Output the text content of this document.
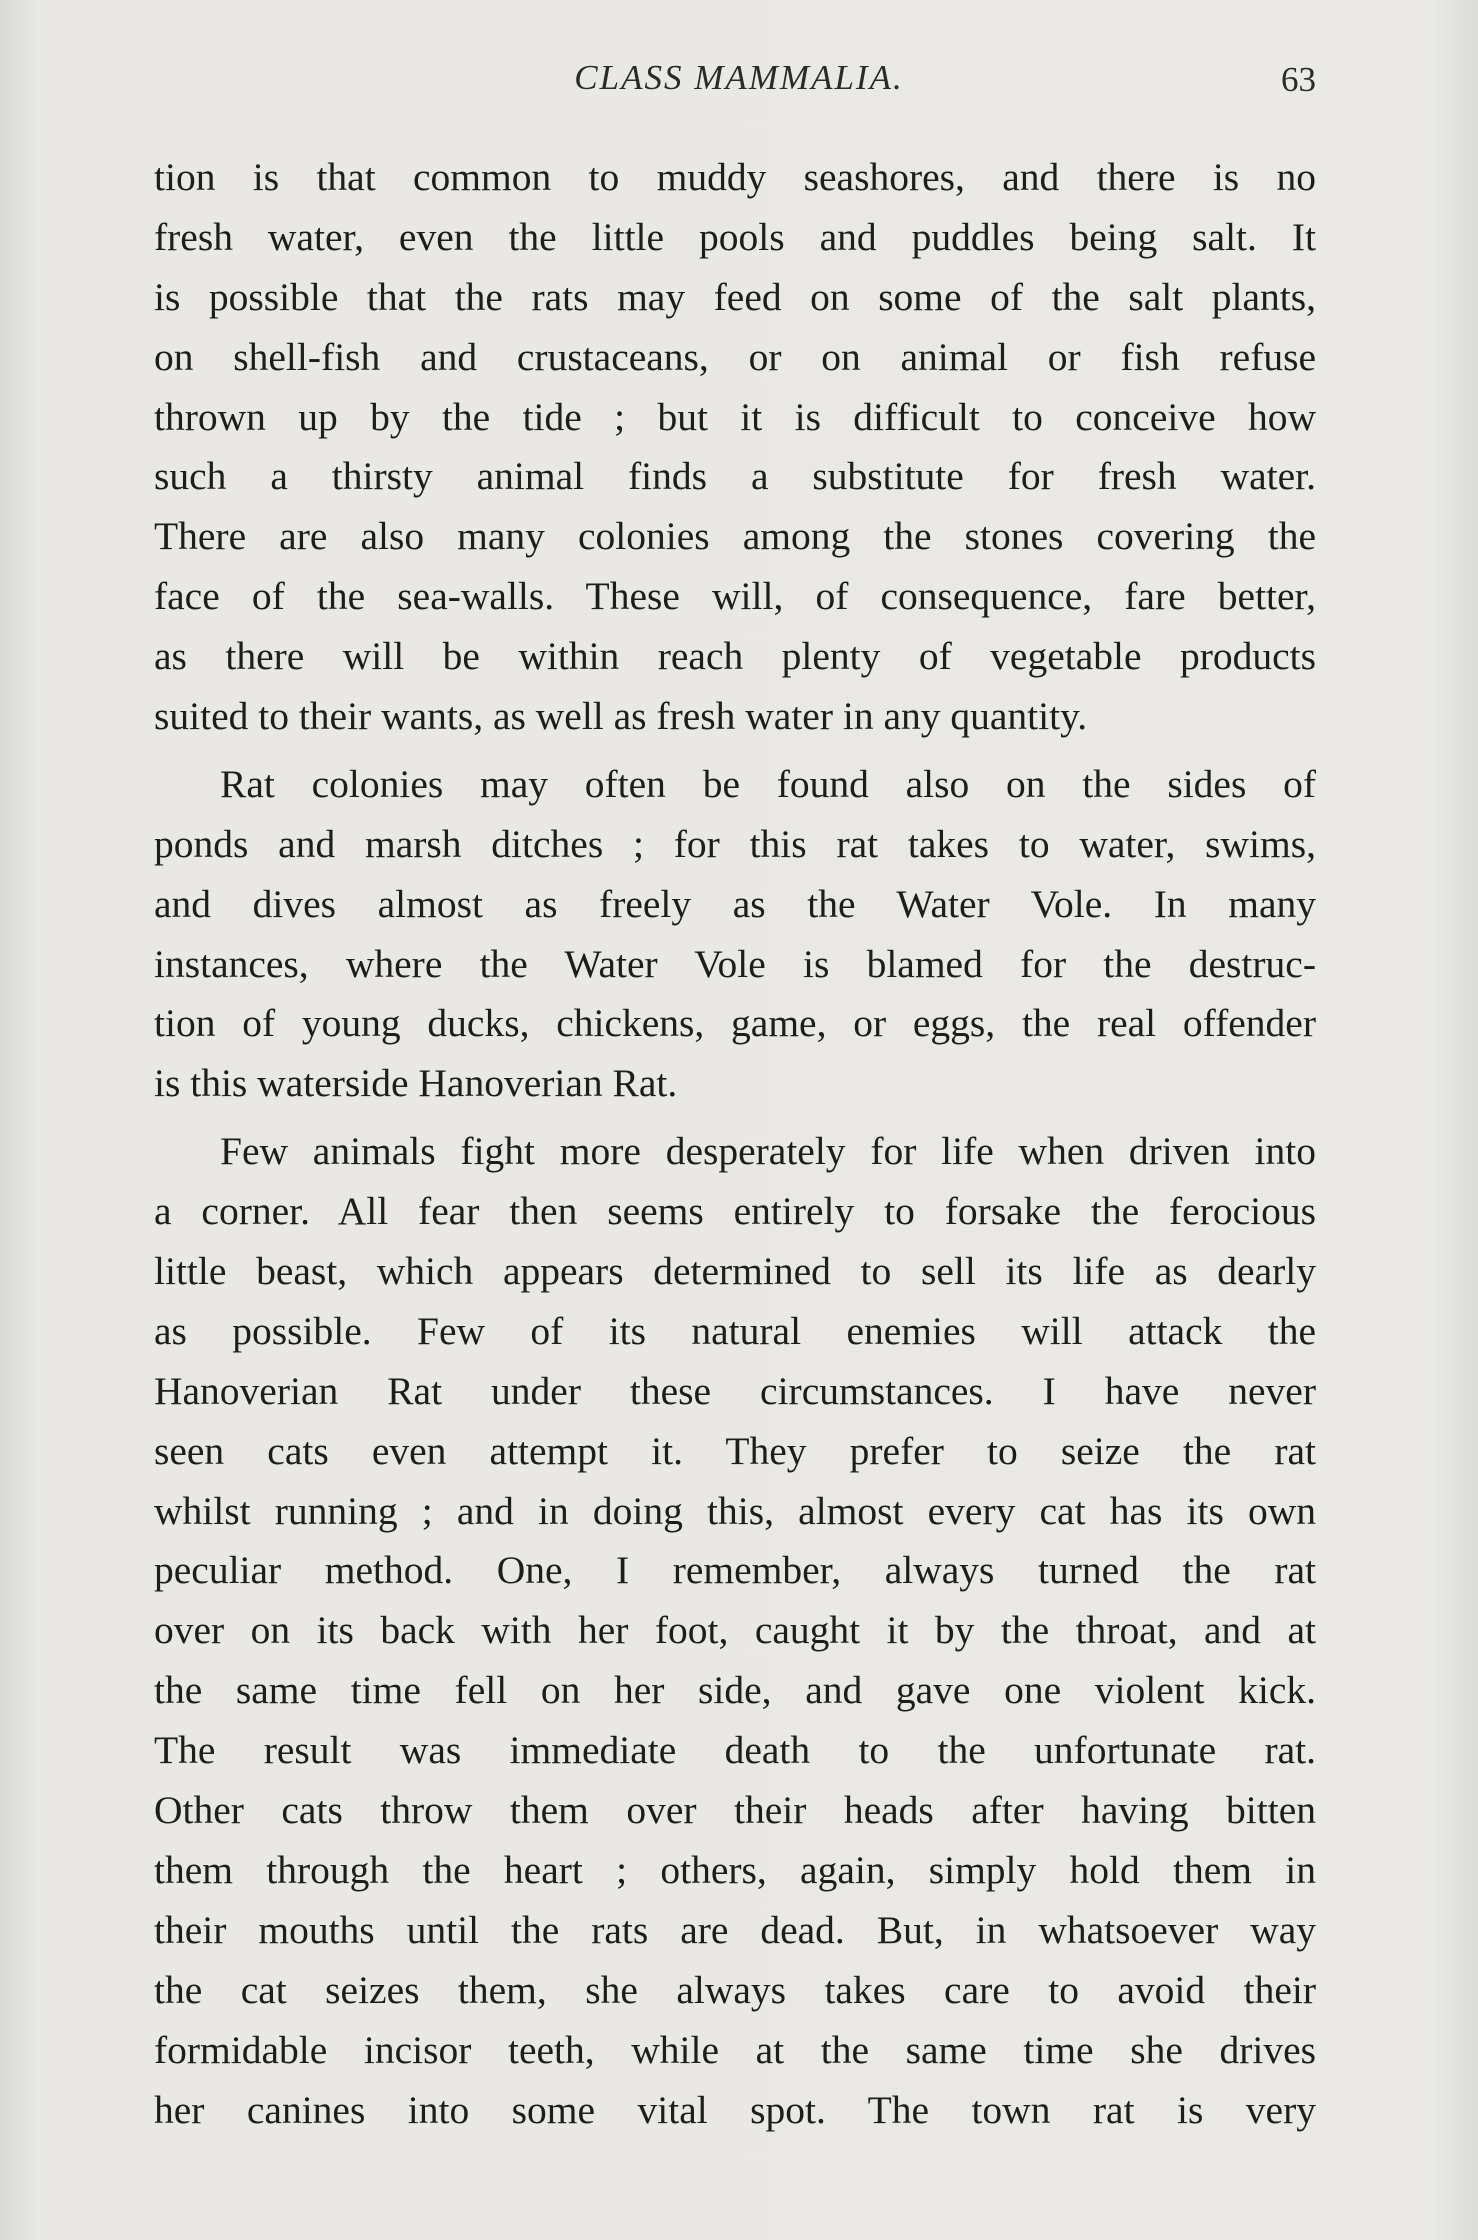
CLASS MAMMALIA.	63
tion is that common to muddy seashores, and there is no
fresh water, even the little pools and puddles being salt. It
is possible that the rats may feed on some of the salt plants,
on shell-fish and crustaceans, or on animal or fish refuse
thrown up by the tide ; but it is difficult to conceive how
such a thirsty animal finds a substitute for fresh water.
There are also many colonies among the stones covering the
face of the sea-walls. These will, of consequence, fare better,
as there will be within reach plenty of vegetable products
suited to their wants, as well as fresh water in any quantity.
Rat colonies may often be found also on the sides of
ponds and marsh ditches ; for this rat takes to water, swims,
and dives almost as freely as the Water Vole. In many
instances, where the Water Vole is blamed for the destruc-
tion of young ducks, chickens, game, or eggs, the real offender
is this waterside Hanoverian Rat.
Few animals fight more desperately for life when driven into
a corner. All fear then seems entirely to forsake the ferocious
little beast, which appears determined to sell its life as dearly
as possible. Few of its natural enemies will attack the
Hanoverian Rat under these circumstances. I have never
seen cats even attempt it. They prefer to seize the rat
whilst running ; and in doing this, almost every cat has its own
peculiar method. One, I remember, always turned the rat
over on its back with her foot, caught it by the throat, and at
the same time fell on her side, and gave one violent kick.
The result was immediate death to the unfortunate rat.
Other cats throw them over their heads after having bitten
them through the heart ; others, again, simply hold them in
their mouths until the rats are dead. But, in whatsoever way
the cat seizes them, she always takes care to avoid their
formidable incisor teeth, while at the same time she drives
her canines into some vital spot. The town rat is very
